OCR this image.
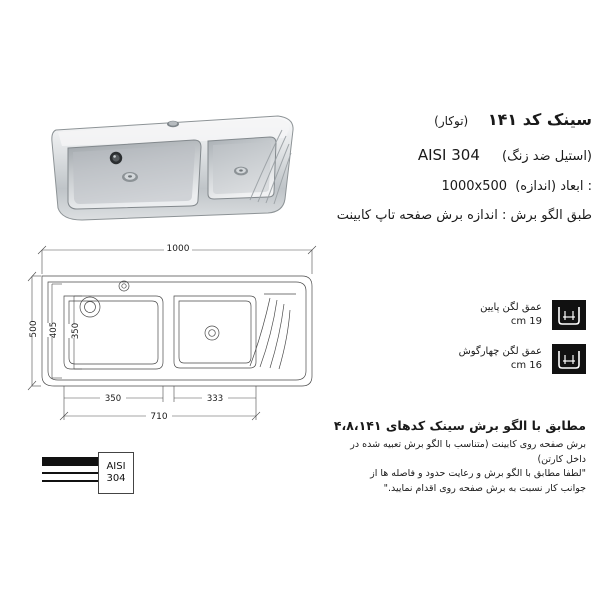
سینک کد ۱۴۱ (توکار)
(استیل ضد زنگ) AISI 304
: ابعاد (اندازه) 1000x500
طبق الگو برش : اندازه برش صفحه تاپ کابینت
1000
500 405 350
350	333
710
عمق لگن پایین
19 cm
عمق لگن چهارگوش
16 cm
مطابق با الگو برش سینک کدهای ۴،۸،۱۴۱
برش صفحه روی کابینت (متناسب با الگو برش تعبیه شده در داخل کارتن)
"لطفا مطابق با الگو برش و رعایت حدود و فاصله ها از
جوانب کار نسبت به برش صفحه روی اقدام نمایید."
AISI
304
